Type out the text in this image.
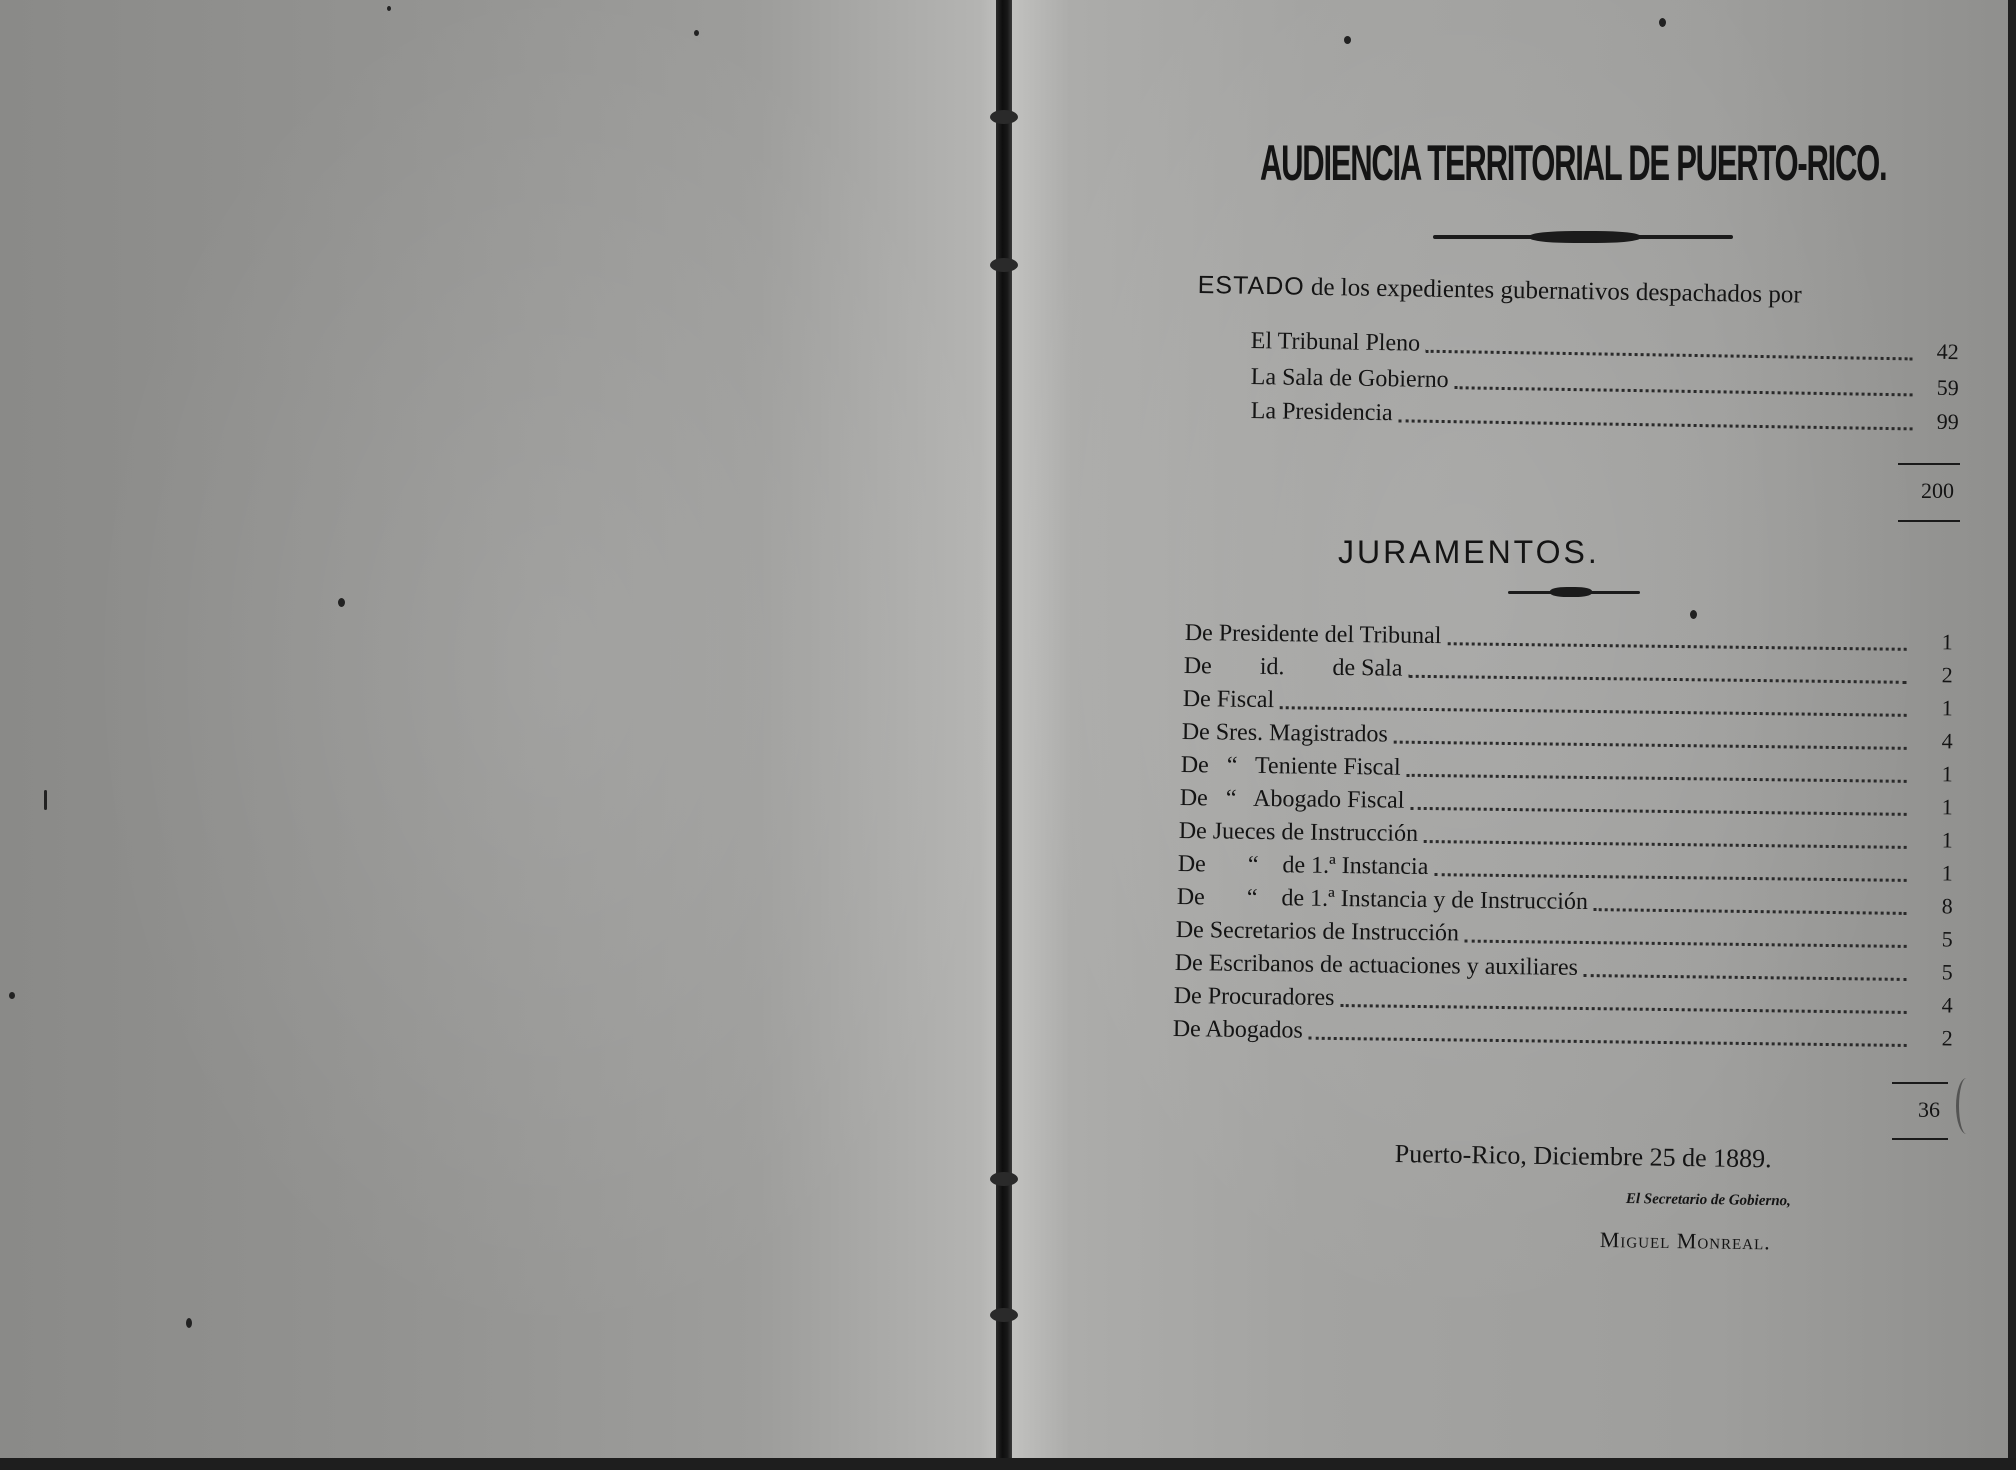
AUDIENCIA TERRITORIAL DE PUERTO-RICO.
ESTADO de los expedientes gubernativos despachados por
El Tribunal Pleno	42
La Sala de Gobierno	59
La Presidencia	99
200
JURAMENTOS.
De Presidente del Tribunal	1
De        id.        de Sala	2
De Fiscal	1
De Sres. Magistrados	4
De   “   Teniente Fiscal	1
De   “   Abogado Fiscal	1
De Jueces de Instrucción	1
De       “    de 1.ª Instancia	1
De       “    de 1.ª Instancia y de Instrucción	8
De Secretarios de Instrucción	5
De Escribanos de actuaciones y auxiliares	5
De Procuradores	4
De Abogados	2
36
Puerto-Rico, Diciembre 25 de 1889.
El Secretario de Gobierno,
Miguel Monreal.
